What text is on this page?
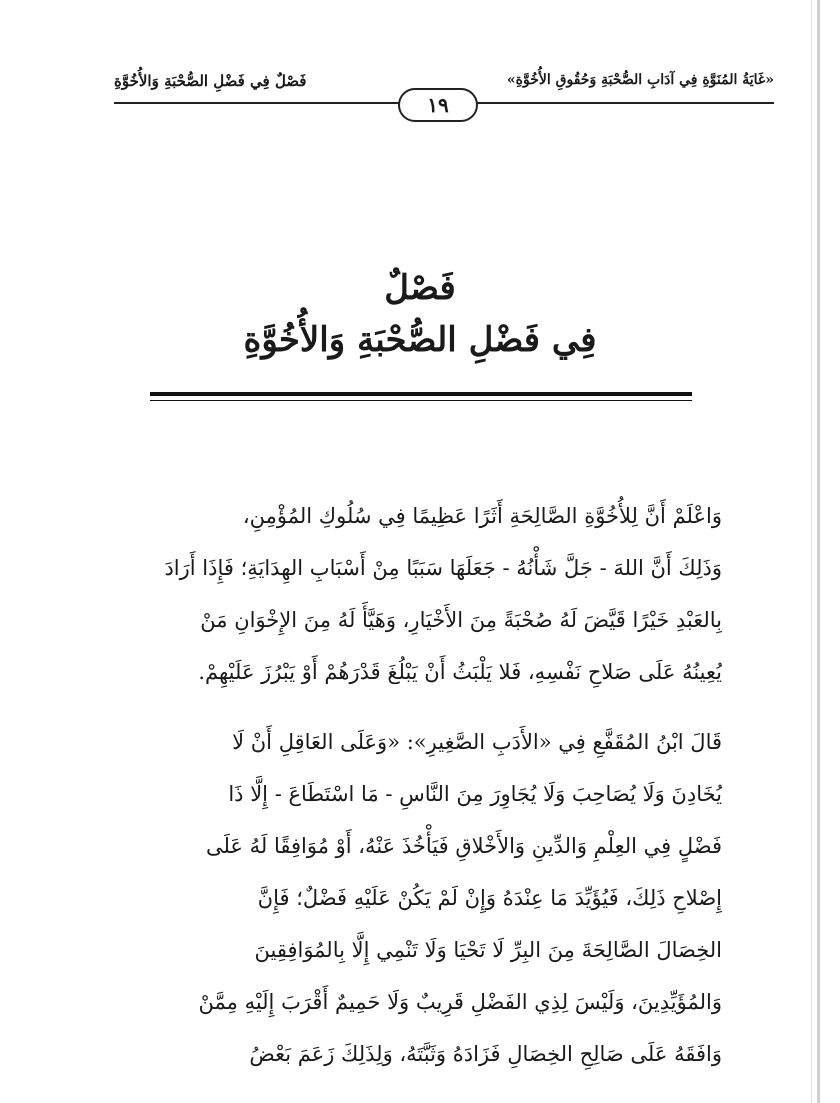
فَصْلٌ فِي فَضْلِ الصُّحْبَةِ وَالأُخُوَّةِ	«غَايَةُ المُنَوَّةِ فِي آدَابِ الصُّحْبَةِ وَحُقُوقِ الأُخُوَّةِ»
١٩
فَصْلٌ
فِي فَضْلِ الصُّحْبَةِ وَالأُخُوَّةِ
وَاعْلَمْ أَنَّ لِلأُخُوَّةِ الصَّالِحَةِ أَثَرًا عَظِيمًا فِي سُلُوكِ المُؤْمِنِ،
وَذَلِكَ أَنَّ اللهَ - جَلَّ شَأْنُهُ - جَعَلَهَا سَبَبًا مِنْ أَسْبَابِ الهِدَايَةِ؛ فَإِذَا أَرَادَ
بِالعَبْدِ خَيْرًا قَيَّضَ لَهُ صُحْبَةً مِنَ الأَخْيَارِ، وَهَيَّأَ لَهُ مِنَ الإِخْوَانِ مَنْ
يُعِينُهُ عَلَى صَلاحِ نَفْسِهِ، فَلا يَلْبَثُ أَنْ يَبْلُغَ قَدْرَهُمْ أَوْ يَبْرُزَ عَلَيْهِمْ.
قَالَ ابْنُ المُقَفَّعِ فِي «الأَدَبِ الصَّغِيرِ»: «وَعَلَى العَاقِلِ أَنْ لَا
يُخَادِنَ وَلَا يُصَاحِبَ وَلَا يُجَاوِرَ مِنَ النَّاسِ - مَا اسْتَطَاعَ - إِلَّا ذَا
فَضْلٍ فِي العِلْمِ وَالدِّينِ وَالأَخْلاقِ فَيَأْخُذَ عَنْهُ، أَوْ مُوَافِقًا لَهُ عَلَى
إِصْلاحِ ذَلِكَ، فَيُؤَيِّدَ مَا عِنْدَهُ وَإِنْ لَمْ يَكُنْ عَلَيْهِ فَضْلٌ؛ فَإِنَّ
الخِصَالَ الصَّالِحَةَ مِنَ البِرِّ لَا تَحْيَا وَلَا تَنْمِي إِلَّا بِالمُوَافِقِينَ
وَالمُؤَيِّدِينَ، وَلَيْسَ لِذِي الفَضْلِ قَرِيبٌ وَلَا حَمِيمٌ أَقْرَبَ إِلَيْهِ مِمَّنْ
وَافَقَهُ عَلَى صَالِحِ الخِصَالِ فَزَادَهُ وَثَبَّتَهُ، وَلِذَلِكَ زَعَمَ بَعْضُ
